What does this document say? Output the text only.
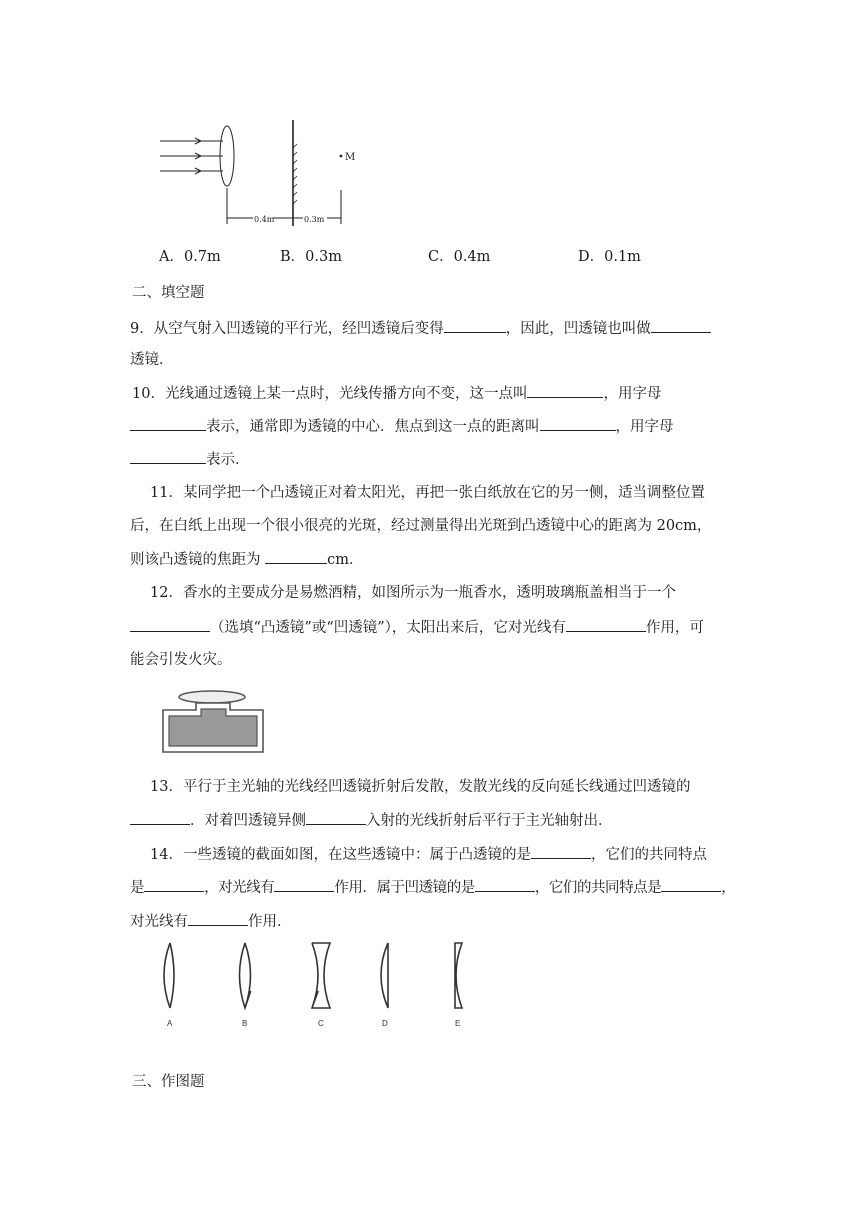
M
0.4m	0.3m
A．0.7m	B．0.3m	C．0.4m	D．0.1m
二、填空题
9．从空气射入凹透镜的平行光，经凹透镜后变得	，因此，凹透镜也叫做
透镜．
10．光线通过透镜上某一点时，光线传播方向不变，这一点叫	，用字母
表示，通常即为透镜的中心．焦点到这一点的距离叫	，用字母
表示．
11．某同学把一个凸透镜正对着太阳光，再把一张白纸放在它的另一侧，适当调整位置
后，在白纸上出现一个很小很亮的光斑，经过测量得出光斑到凸透镜中心的距离为 20cm，
则该凸透镜的焦距为	cm．
12．香水的主要成分是易燃酒精，如图所示为一瓶香水，透明玻璃瓶盖相当于一个
（选填“凸透镜”或“凹透镜”），太阳出来后，它对光线有	作用，可
能会引发火灾。
13．平行于主光轴的光线经凹透镜折射后发散，发散光线的反向延长线通过凹透镜的
．对着凹透镜异侧	入射的光线折射后平行于主光轴射出．
14．一些透镜的截面如图，在这些透镜中：属于凸透镜的是	，它们的共同特点
是	，对光线有	作用．属于凹透镜的是	，它们的共同特点是	，
对光线有	作用．
A	B	C	D	E
三、作图题
